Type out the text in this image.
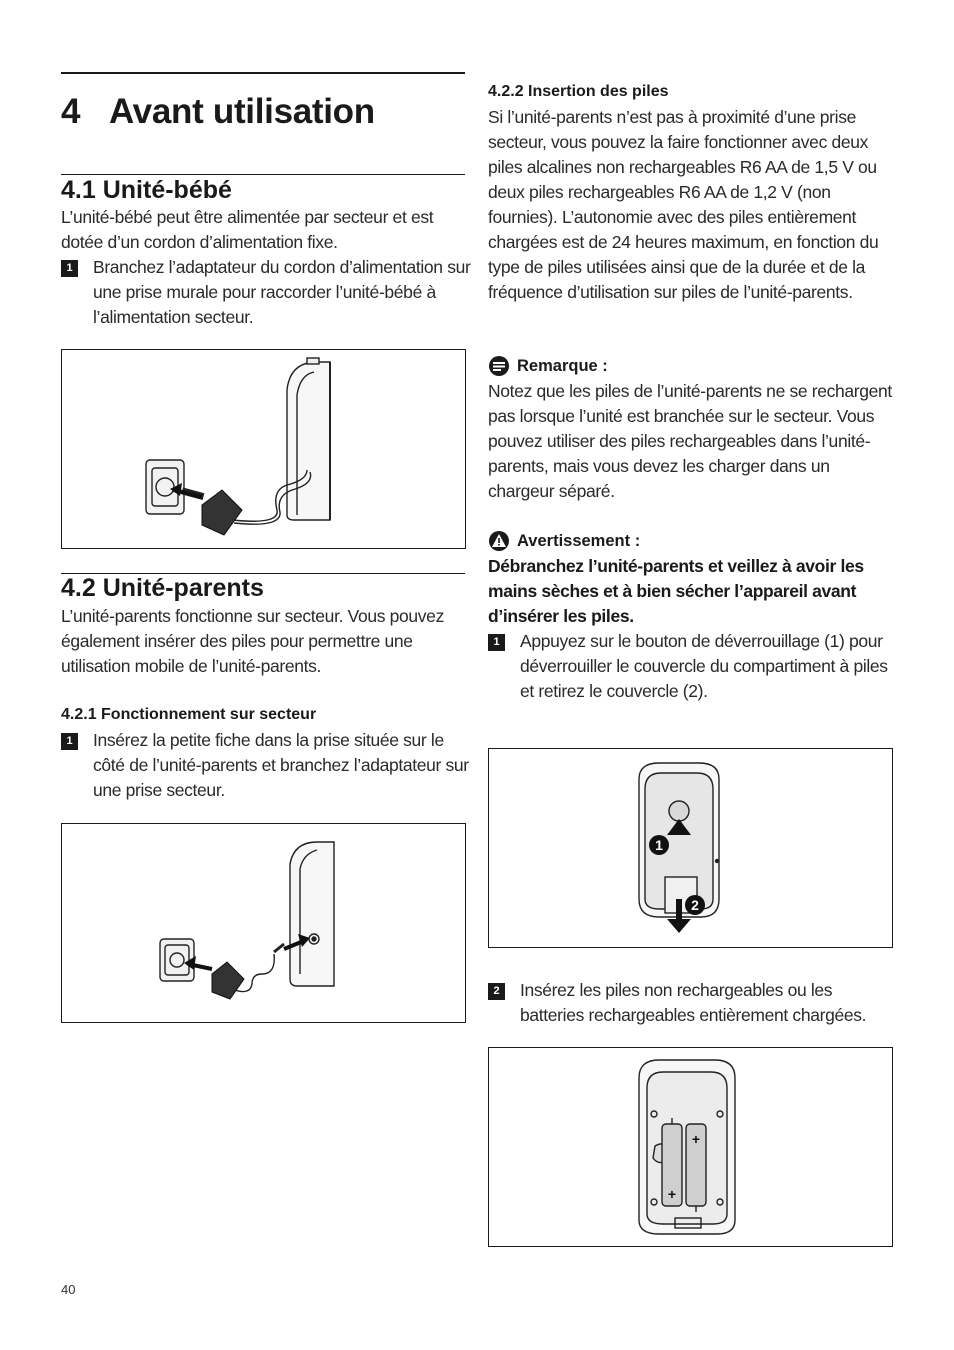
4 Avant utilisation
4.1 Unité-bébé
L’unité-bébé peut être alimentée par secteur et est dotée d’un cordon d’alimentation fixe.
1	Branchez l’adaptateur du cordon d’alimentation sur une prise murale pour raccorder l’unité-bébé à l’alimentation secteur.
4.2 Unité-parents
L’unité-parents fonctionne sur secteur. Vous pouvez également insérer des piles pour permettre une utilisation mobile de l’unité-parents.
4.2.1 Fonctionnement sur secteur
1	Insérez la petite fiche dans la prise située sur le côté de l’unité-parents et branchez l’adaptateur sur une prise secteur.
4.2.2 Insertion des piles
Si l’unité-parents n’est pas à proximité d’une prise secteur, vous pouvez la faire fonctionner avec deux piles alcalines non rechargeables R6 AA de 1,5 V ou deux piles rechargeables R6 AA de 1,2 V (non fournies). L’autonomie avec des piles entièrement chargées est de 24 heures maximum, en fonction du type de piles utilisées ainsi que de la durée et de la fréquence d’utilisation sur piles de l’unité-parents.
Remarque :
Notez que les piles de l’unité-parents ne se rechargent pas lorsque l’unité est branchée sur le secteur. Vous pouvez utiliser des piles rechargeables dans l’unité-parents, mais vous devez les charger dans un chargeur séparé.
Avertissement :
Débranchez l’unité-parents et veillez à avoir les mains sèches et à bien sécher l’appareil avant d’insérer les piles.
1	Appuyez sur le bouton de déverrouillage (1) pour déverrouiller le couvercle du compartiment à piles et retirez le couvercle (2).
1
2
2	Insérez les piles non rechargeables ou les batteries rechargeables entièrement chargées.
+
+
40
